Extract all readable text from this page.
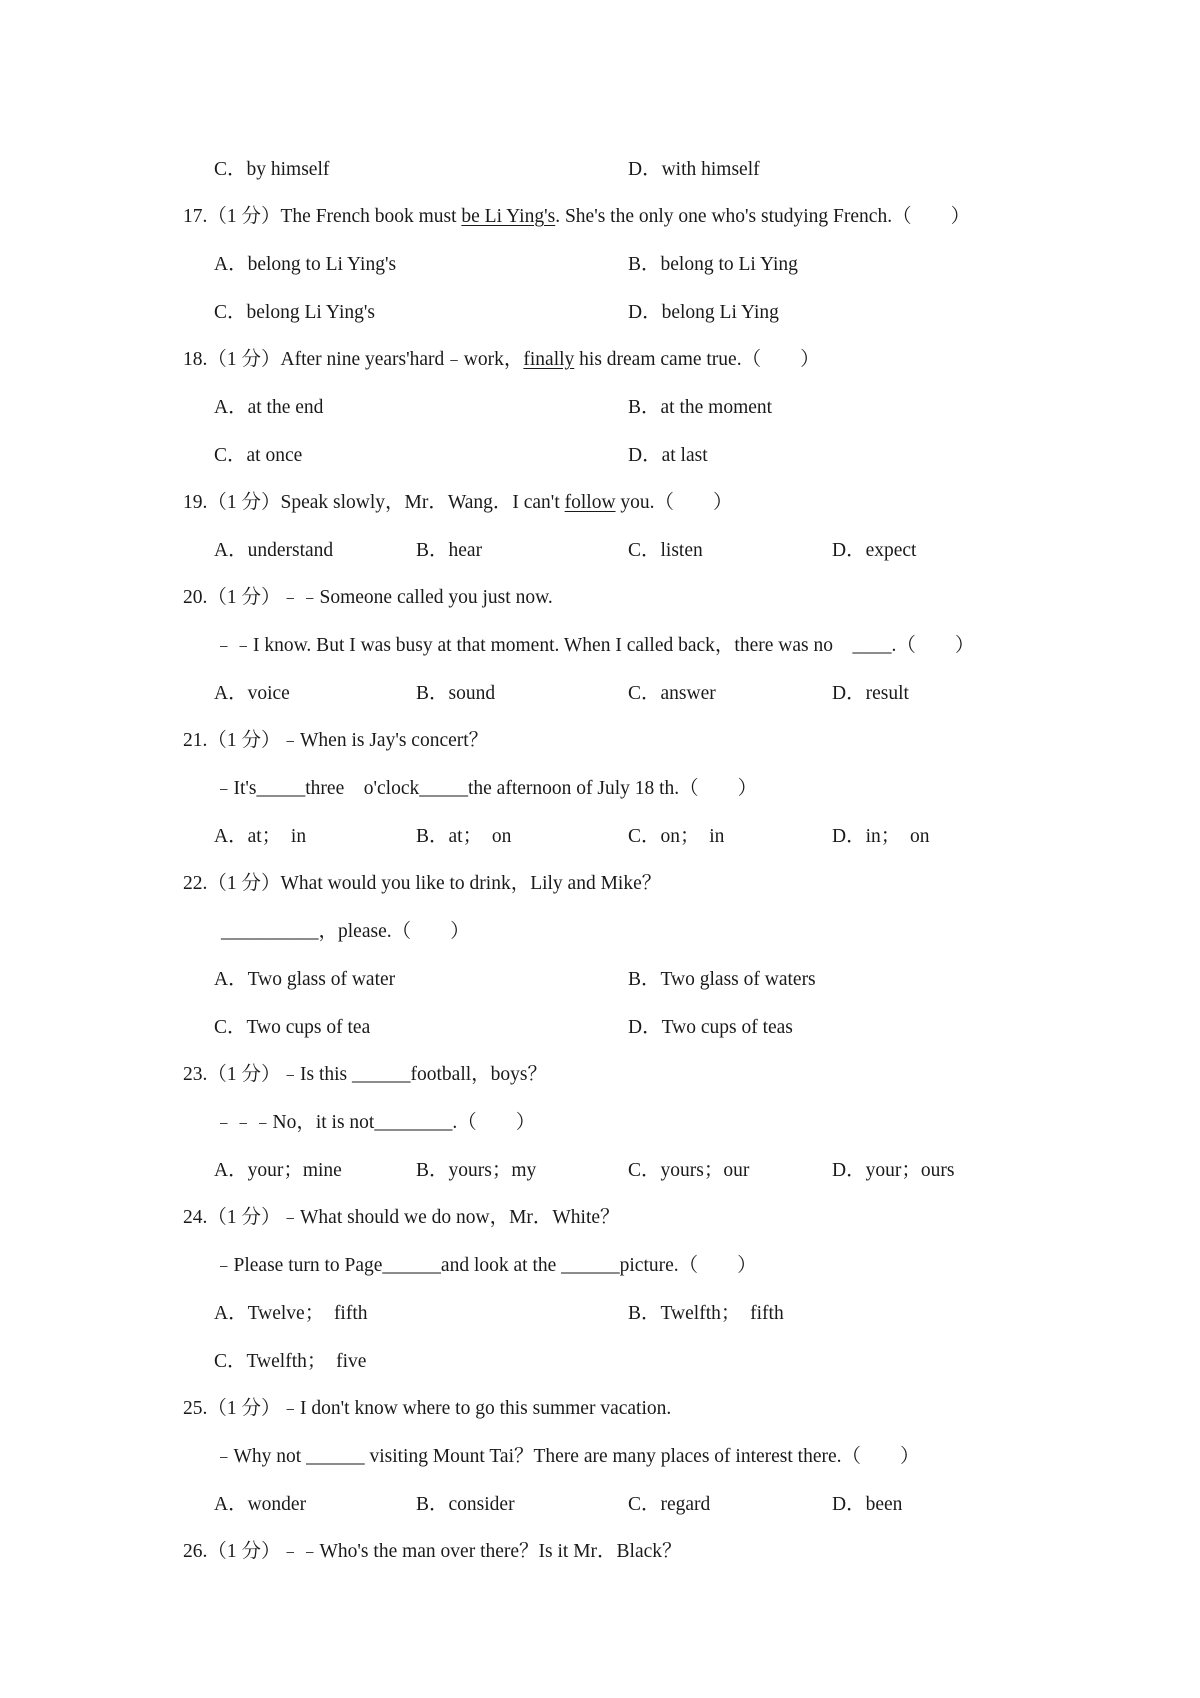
C．by himself	D．with himself
17.（1 分）The French book must be Li Ying's. She's the only one who's studying French.（　　）
A．belong to Li Ying's	B．belong to Li Ying
C．belong Li Ying's	D．belong Li Ying
18.（1 分）After nine years'hard﹣work，finally his dream came true.（　　）
A．at the end	B．at the moment
C．at once	D．at last
19.（1 分）Speak slowly，Mr．Wang．I can't follow you.（　　）
A．understand	B．hear	C．listen	D．expect
20.（1 分）﹣﹣Someone called you just now.
﹣﹣I know. But I was busy at that moment. When I called back，there was no　____.（　　）
A．voice	B．sound	C．answer	D．result
21.（1 分）﹣When is Jay's concert？
﹣It's_____three　o'clock_____the afternoon of July 18 th.（　　）
A．at；　in	B．at；　on	C．on；　in	D．in；　on
22.（1 分）What would you like to drink，Lily and Mike？
__________，please.（　　）
A．Two glass of water	B．Two glass of waters
C．Two cups of tea	D．Two cups of teas
23.（1 分）﹣Is this ______football，boys？
﹣﹣﹣No，it is not________.（　　）
A．your；mine	B．yours；my	C．yours；our	D．your；ours
24.（1 分）﹣What should we do now，Mr．White？
﹣Please turn to Page______and look at the ______picture.（　　）
A．Twelve；　fifth	B．Twelfth；　fifth
C．Twelfth；　five
25.（1 分）﹣I don't know where to go this summer vacation.
﹣Why not ______ visiting Mount Tai？There are many places of interest there.（　　）
A．wonder	B．consider	C．regard	D．been
26.（1 分）﹣﹣Who's the man over there？Is it Mr．Black？
